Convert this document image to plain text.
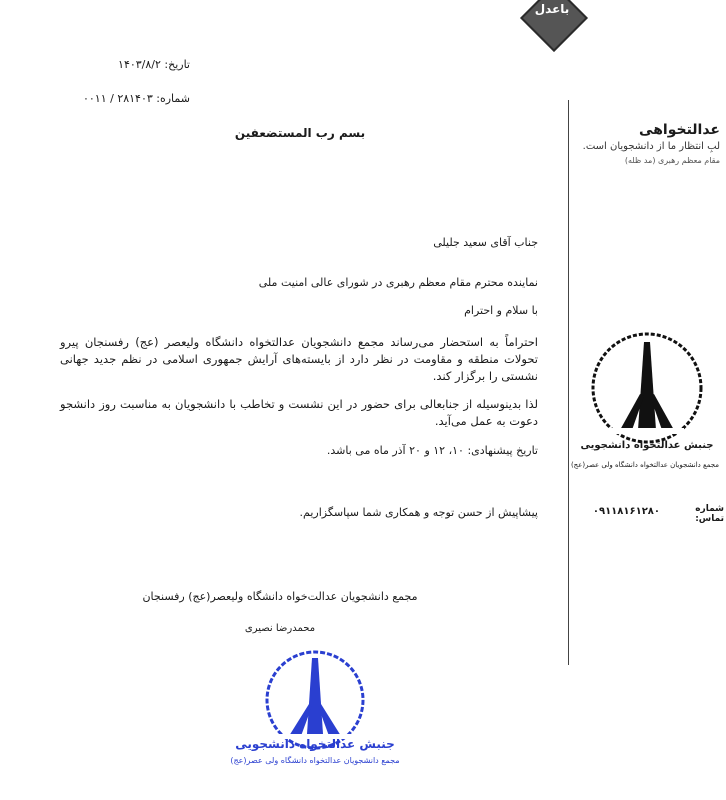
باعدل
تاریخ: ۱۴۰۳/۸/۲
شماره: ۲۸۱۴۰۳ / ۰۰۱۱
بسم رب المستضعفین	عدالتخواهی
لبِ انتظار ما از دانشجویان است.
مقام معظم رهبری (مد ظله)
جنبش عدالتخواه دانشجویی
مجمع دانشجویان عدالتخواه دانشگاه ولی عصر(عج)
شماره تماس:
۰۹۱۱۸۱۶۱۲۸۰
جناب آقای سعید جلیلی
نماینده محترم مقام معظم رهبری در شورای عالی امنیت ملی
با سلام و احترام
احتراماً به استحضار می‌رساند مجمع دانشجویان عدالتخواه دانشگاه ولیعصر (عج) رفسنجان پیرو تحولات منطقه و مقاومت در نظر دارد از بایسته‌های آرایش جمهوری اسلامی در نظم جدید جهانی نشستی را برگزار کند.
لذا بدینوسیله از جنابعالی برای حضور در این نشست و تخاطب با دانشجویان به مناسبت روز دانشجو دعوت به عمل می‌آید.
تاریخ پیشنهادی: ۱۰، ۱۲ و ۲۰ آذر ماه می باشد.
پیشاپیش از حسن توجه و همکاری شما سپاسگزاریم.
مجمع دانشجویان عدالت‌خواه دانشگاه ولیعصر(عج) رفسنجان
محمدرضا نصیری
جنبش عدالتخواه دانشجویی
مجمع دانشجویان عدالتخواه دانشگاه ولی عصر(عج)
